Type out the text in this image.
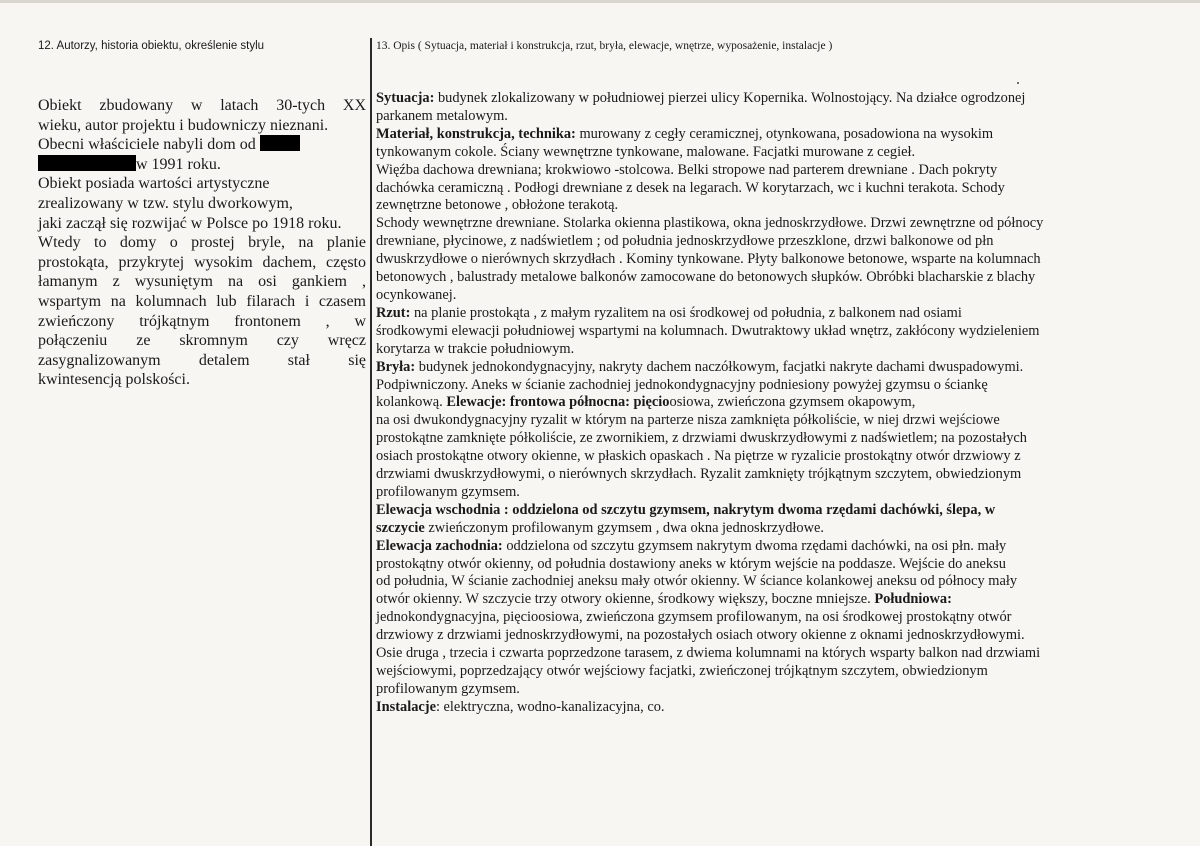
12. Autorzy, historia obiektu, określenie stylu	13. Opis ( Sytuacja, materiał i konstrukcja, rzut, bryła, elewacje, wnętrze, wyposażenie, instalacje )
Obiekt zbudowany w latach 30-tych XX
wieku, autor projektu i budowniczy nieznani.
Obecni właściciele nabyli dom od
w 1991 roku.
Obiekt posiada wartości artystyczne
zrealizowany w tzw. stylu dworkowym,
jaki zaczął się rozwijać w Polsce po 1918 roku.
Wtedy to domy o prostej bryle, na planie
prostokąta, przykrytej wysokim dachem, często
łamanym z wysuniętym na osi gankiem ,
wspartym na kolumnach lub filarach i czasem
zwieńczony trójkątnym frontonem , w
połączeniu ze skromnym czy wręcz
zasygnalizowanym detalem stał się
kwintesencją polskości.
Sytuacja: budynek zlokalizowany w południowej pierzei ulicy Kopernika. Wolnostojący. Na działce ogrodzonej
parkanem metalowym.
Materiał, konstrukcja, technika: murowany z cegły ceramicznej, otynkowana, posadowiona na wysokim
tynkowanym cokole. Ściany wewnętrzne tynkowane, malowane. Facjatki murowane z cegieł.
Więźba dachowa drewniana; krokwiowo -stolcowa. Belki stropowe nad parterem drewniane . Dach pokryty
dachówka ceramiczną . Podłogi drewniane z desek na legarach. W korytarzach, wc i kuchni terakota. Schody
zewnętrzne betonowe , obłożone terakotą.
Schody wewnętrzne drewniane. Stolarka okienna plastikowa, okna jednoskrzydłowe. Drzwi zewnętrzne od północy
drewniane, płycinowe, z nadświetlem ; od południa jednoskrzydłowe przeszklone, drzwi balkonowe od płn
dwuskrzydłowe o nierównych skrzydłach . Kominy tynkowane. Płyty balkonowe betonowe, wsparte na kolumnach
betonowych , balustrady metalowe balkonów zamocowane do betonowych słupków. Obróbki blacharskie z blachy
ocynkowanej.
Rzut: na planie prostokąta , z małym ryzalitem na osi środkowej od południa, z balkonem nad osiami
środkowymi elewacji południowej wspartymi na kolumnach. Dwutraktowy układ wnętrz, zakłócony wydzieleniem
korytarza w trakcie południowym.
Bryła: budynek jednokondygnacyjny, nakryty dachem naczółkowym, facjatki nakryte dachami dwuspadowymi.
Podpiwniczony. Aneks w ścianie zachodniej jednokondygnacyjny podniesiony powyżej gzymsu o ściankę
kolankową. Elewacje: frontowa północna: pięcioosiowa, zwieńczona gzymsem okapowym,
na osi dwukondygnacyjny ryzalit w którym na parterze nisza zamknięta półkoliście, w niej drzwi wejściowe
prostokątne zamknięte półkoliście, ze zwornikiem, z drzwiami dwuskrzydłowymi z nadświetlem; na pozostałych
osiach prostokątne otwory okienne, w płaskich opaskach . Na piętrze w ryzalicie prostokątny otwór drzwiowy z
drzwiami dwuskrzydłowymi, o nierównych skrzydłach. Ryzalit zamknięty trójkątnym szczytem, obwiedzionym
profilowanym gzymsem.
Elewacja wschodnia : oddzielona od szczytu gzymsem, nakrytym dwoma rzędami dachówki, ślepa, w
szczycie zwieńczonym profilowanym gzymsem , dwa okna jednoskrzydłowe.
Elewacja zachodnia: oddzielona od szczytu gzymsem nakrytym dwoma rzędami dachówki, na osi płn. mały
prostokątny otwór okienny, od południa dostawiony aneks w którym wejście na poddasze. Wejście do aneksu
od południa, W ścianie zachodniej aneksu mały otwór okienny. W ściance kolankowej aneksu od północy mały
otwór okienny. W szczycie trzy otwory okienne, środkowy większy, boczne mniejsze. Południowa:
jednokondygnacyjna, pięcioosiowa, zwieńczona gzymsem profilowanym, na osi środkowej prostokątny otwór
drzwiowy z drzwiami jednoskrzydłowymi, na pozostałych osiach otwory okienne z oknami jednoskrzydłowymi.
Osie druga , trzecia i czwarta poprzedzone tarasem, z dwiema kolumnami na których wsparty balkon nad drzwiami
wejściowymi, poprzedzający otwór wejściowy facjatki, zwieńczonej trójkątnym szczytem, obwiedzionym
profilowanym gzymsem.
Instalacje: elektryczna, wodno-kanalizacyjna, co.
